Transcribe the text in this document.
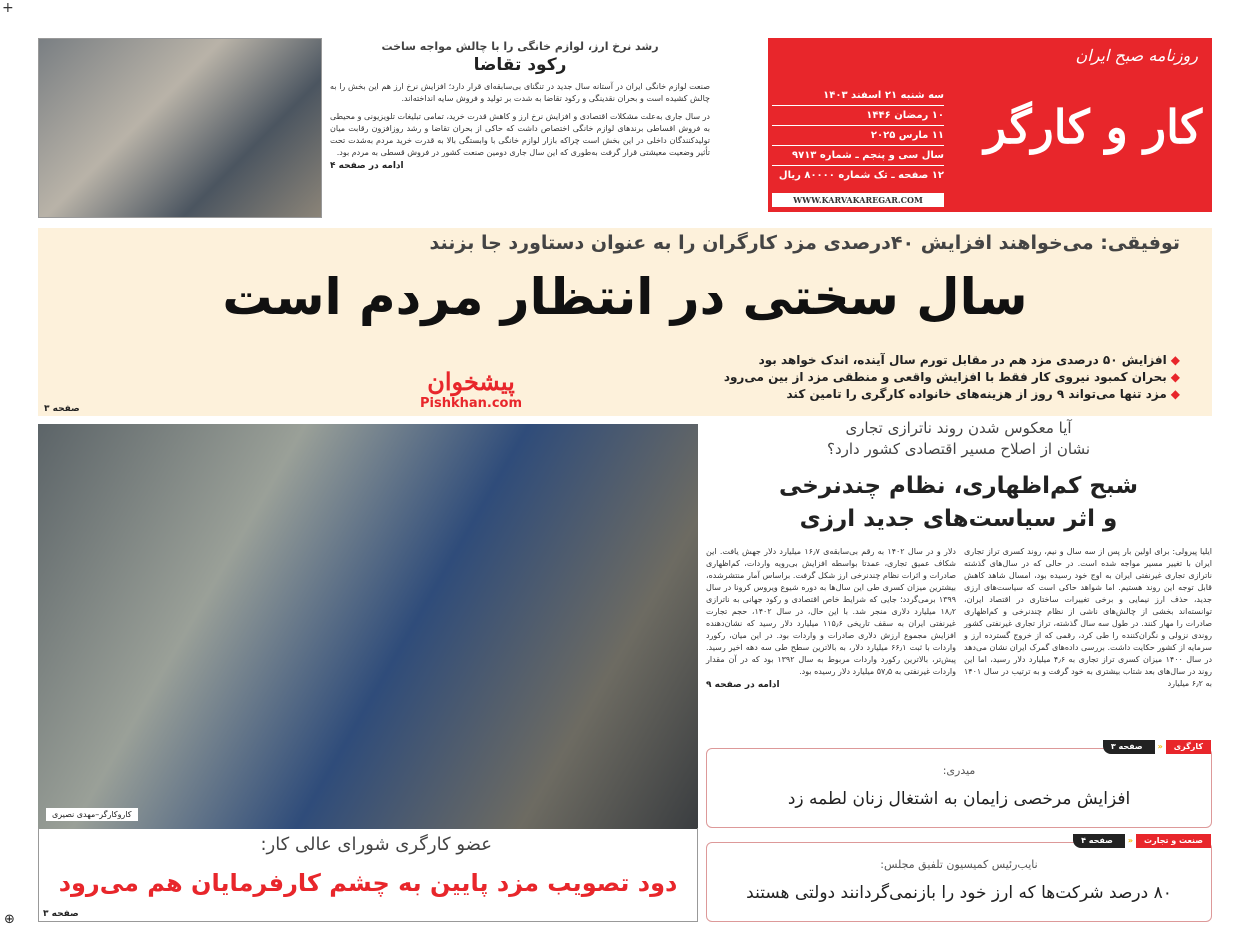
+
روزنامه صبح ایران
کار و کارگر
سه شنبه ۲۱ اسفند ۱۴۰۳
۱۰ رمضان ۱۴۴۶
۱۱ مارس ۲۰۲۵
سال سی و پنجم ـ شماره ۹۷۱۳
۱۲ صفحه ـ تک شماره ۸۰۰۰۰ ریال
WWW.KARVAKAREGAR.COM
رشد نرخ ارز، لوازم خانگی را با چالش مواجه ساخت
رکود تقاضا

صنعت لوازم خانگی ایران در آستانه سال جدید در تنگنای بی‌سابقه‌ای قرار دارد؛ افزایش نرخ ارز هم این بخش را به چالش کشیده است و بحران نقدینگی و رکود تقاضا به شدت بر تولید و فروش سایه انداخته‌اند.

در سال جاری به‌علت مشکلات اقتصادی و افزایش نرخ ارز و کاهش قدرت خرید، تمامی تبلیغات تلویزیونی و محیطی به فروش اقساطی برندهای لوازم خانگی اختصاص داشت که حاکی از بحران تقاضا و رشد روزافزون رقابت میان تولیدکنندگان داخلی در این بخش است چراکه بازار لوازم خانگی با وابستگی بالا به قدرت خرید مردم به‌شدت تحت تأثیر وضعیت معیشتی قرار گرفت به‌طوری که این سال جاری دومین صنعت کشور در فروش قسطی به مردم بود.

ادامه در صفحه ۴
توفیقی: می‌خواهند افزایش ۴۰درصدی مزد کارگران را به عنوان دستاورد جا بزنند
سال سختی در انتظار مردم است
◆افزایش ۵۰ درصدی مزد هم در مقابل تورم سال آینده، اندک خواهد بود
◆بحران کمبود نیروی کار فقط با افزایش واقعی و منطقی مزد از بین می‌رود
◆مزد تنها می‌تواند ۹ روز از هزینه‌های خانواده کارگری را تامین کند
صفحه ۳
کاروکارگر–مهدی نصیری
پیشخوان
Pishkhan.com
عضو کارگری شورای عالی کار:
دود تصویب مزد پایین به چشم کارفرمایان هم می‌رود
صفحه ۳
آیا معکوس شدن روند ناترازی تجاری
نشان از اصلاح مسیر اقتصادی کشور دارد؟
شبح کم‌اظهاری، نظام چندنرخی
و اثر سیاست‌های جدید ارزی

ایلیا پیرولی: برای اولین بار پس از سه سال و نیم، روند کسری تراز تجاری ایران با تغییر مسیر مواجه شده است. در حالی که در سال‌های گذشته ناترازی تجاری غیرنفتی ایران به اوج خود رسیده بود، امسال شاهد کاهش قابل توجه این روند هستیم. اما شواهد حاکی است که سیاست‌های ارزی جدید، حذف ارز نیمایی و برخی تغییرات ساختاری در اقتصاد ایران، توانسته‌اند بخشی از چالش‌های ناشی از نظام چندنرخی و کم‌اظهاری صادرات را مهار کنند. در طول سه سال گذشته، تراز تجاری غیرنفتی کشور روندی نزولی و نگران‌کننده را طی کرد، رقمی که از خروج گسترده ارز و سرمایه از کشور حکایت داشت. بررسی داده‌های گمرک ایران نشان می‌دهد در سال ۱۴۰۰ میزان کسری تراز تجاری به ۴٫۶ میلیارد دلار رسید، اما این روند در سال‌های بعد شتاب بیشتری به خود گرفت و به ترتیب در سال ۱۴۰۱ به ۶٫۲ میلیارد

دلار و در سال ۱۴۰۲ به رقم بی‌سابقه‌ی ۱۶٫۷ میلیارد دلار جهش یافت. این شکاف عمیق تجاری، عمدتا بواسطه افزایش بی‌رویه واردات، کم‌اظهاری صادرات و اثرات نظام چندنرخی ارز شکل گرفت. براساس آمار منتشرشده، بیشترین میزان کسری طی این سال‌ها به دوره شیوع ویروس کرونا در سال ۱۳۹۹ برمی‌گردد؛ جایی که شرایط خاص اقتصادی و رکود جهانی به ناترازی ۱۸٫۲ میلیارد دلاری منجر شد. با این حال، در سال ۱۴۰۲، حجم تجارت غیرنفتی ایران به سقف تاریخی ۱۱۵٫۶ میلیارد دلار رسید که نشان‌دهنده افزایش مجموع ارزش دلاری صادرات و واردات بود. در این میان، رکورد واردات با ثبت ۶۶٫۱ میلیارد دلار، به بالاترین سطح طی سه دهه اخیر رسید. پیش‌تر، بالاترین رکورد واردات مربوط به سال ۱۳۹۲ بود که در آن مقدار واردات غیرنفتی به ۵۷٫۵ میلیارد دلار رسیده بود.

ادامه در صفحه ۹
کارگری
«
صفحه ۳
میدری:
افزایش مرخصی زایمان به اشتغال زنان لطمه زد
صنعت و تجارت
«
صفحه ۴
نایب‌رئیس کمیسیون تلفیق مجلس:
۸۰ درصد شرکت‌ها که ارز خود را بازنمی‌گردانند دولتی هستند
⊕
